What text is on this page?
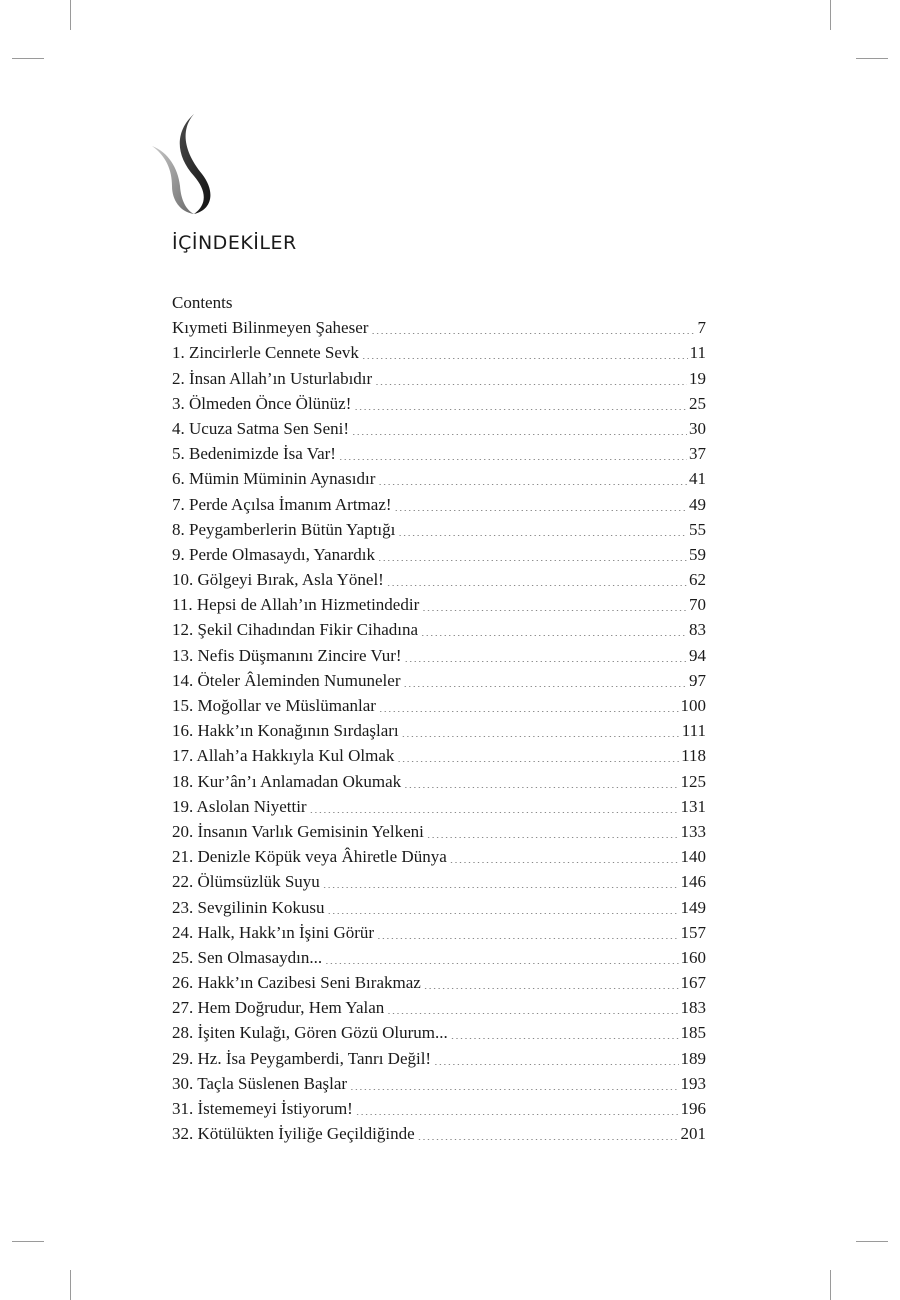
İÇİNDEKİLER
Contents
Kıymeti Bilinmeyen Şaheser .....	7
1. Zincirlerle Cennete Sevk .....	11
2. İnsan Allah’ın Usturlabıdır .....	19
3. Ölmeden Önce Ölünüz! .....	25
4. Ucuza Satma Sen Seni! .....	30
5. Bedenimizde İsa Var! .....	37
6. Mümin Müminin Aynasıdır .....	41
7. Perde Açılsa İmanım Artmaz! .....	49
8. Peygamberlerin Bütün Yaptığı .....	55
9. Perde Olmasaydı, Yanardık .....	59
10. Gölgeyi Bırak, Asla Yönel! .....	62
11. Hepsi de Allah’ın Hizmetindedir .....	70
12. Şekil Cihadından Fikir Cihadına .....	83
13. Nefis Düşmanını Zincire Vur! .....	94
14. Öteler Âleminden Numuneler .....	97
15. Moğollar ve Müslümanlar .....	100
16. Hakk’ın Konağının Sırdaşları .....	111
17. Allah’a Hakkıyla Kul Olmak .....	118
18. Kur’ân’ı Anlamadan Okumak .....	125
19. Aslolan Niyettir .....	131
20. İnsanın Varlık Gemisinin Yelkeni .....	133
21. Denizle Köpük veya Âhiretle Dünya .....	140
22. Ölümsüzlük Suyu .....	146
23. Sevgilinin Kokusu .....	149
24. Halk, Hakk’ın İşini Görür .....	157
25. Sen Olmasaydın... .....	160
26. Hakk’ın Cazibesi Seni Bırakmaz .....	167
27. Hem Doğrudur, Hem Yalan .....	183
28. İşiten Kulağı, Gören Gözü Olurum... .....	185
29. Hz. İsa Peygamberdi, Tanrı Değil! .....	189
30. Taçla Süslenen Başlar .....	193
31. İstememeyi İstiyorum! .....	196
32. Kötülükten İyiliğe Geçildiğinde .....	201
